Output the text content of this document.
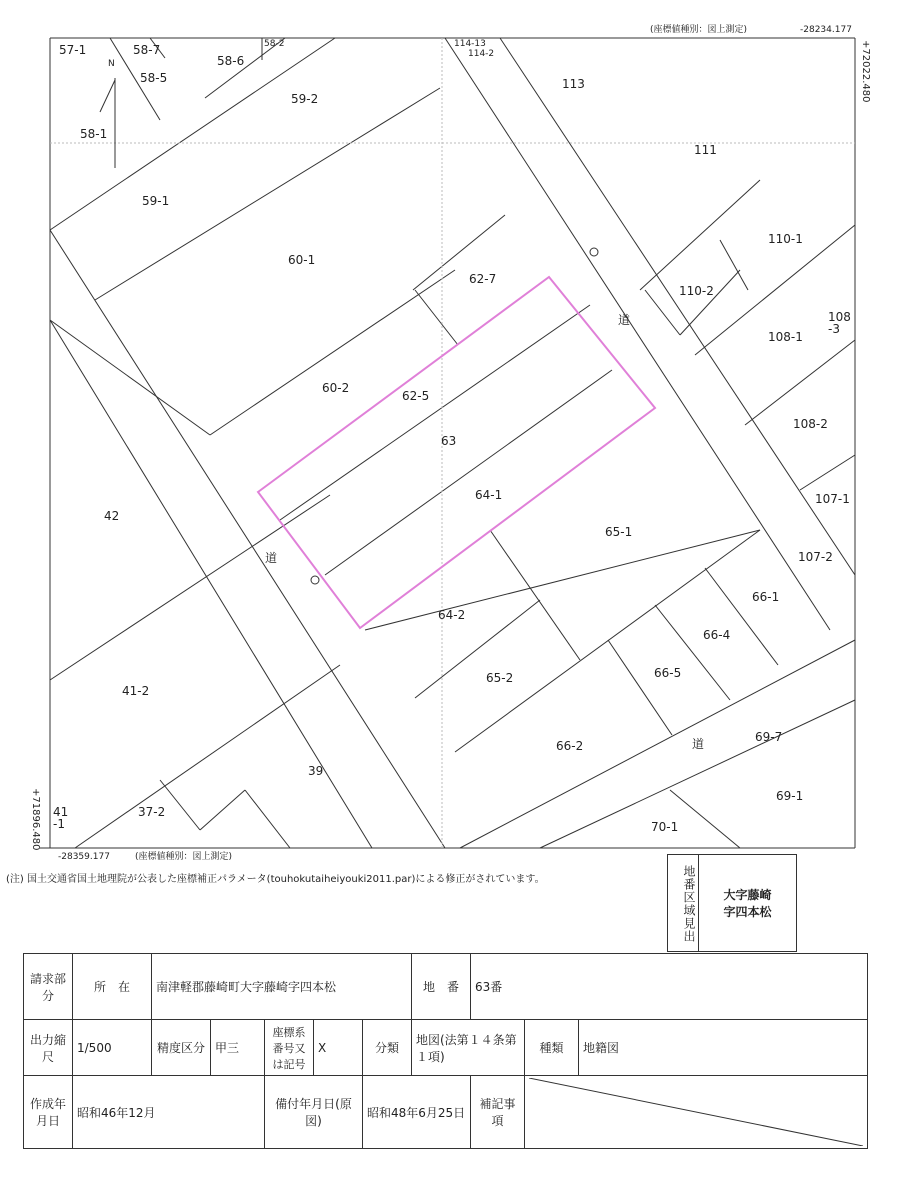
(座標値種別：図上測定)	-28234.177
+72022.480
+71896.480
-28359.177	(座標値種別：図上測定)
N
57-1	58-7	58-2
58-6
114-13
114-2
58-5	113
59-2
58-1
111
59-1
110-1
60-1
62-7
110-2
道	108
-3
108-1
60-2
62-5
108-2
63
64-1	107-1
42
65-1
道	107-2
66-1
64-2
66-4
41-2
65-2	66-5
道	69-7
66-2
39
69-1
41
-1
37-2
70-1
(注) 国土交通省国土地理院が公表した座標補正パラメータ(touhokutaiheiyouki2011.par)による修正がされています。	地番区域見出	大字藤崎
字四本松
請求部分	所　在	南津軽郡藤崎町大字藤崎字四本松					地　番	63番		
出力縮尺	1/500	精度区分	甲三	座標系番号又は記号	X	分類	地図(法第１４条第１項)		種類	地籍図
作成年月日	昭和46年12月			備付年月日(原図)		昭和48年6月25日		補記事項	
